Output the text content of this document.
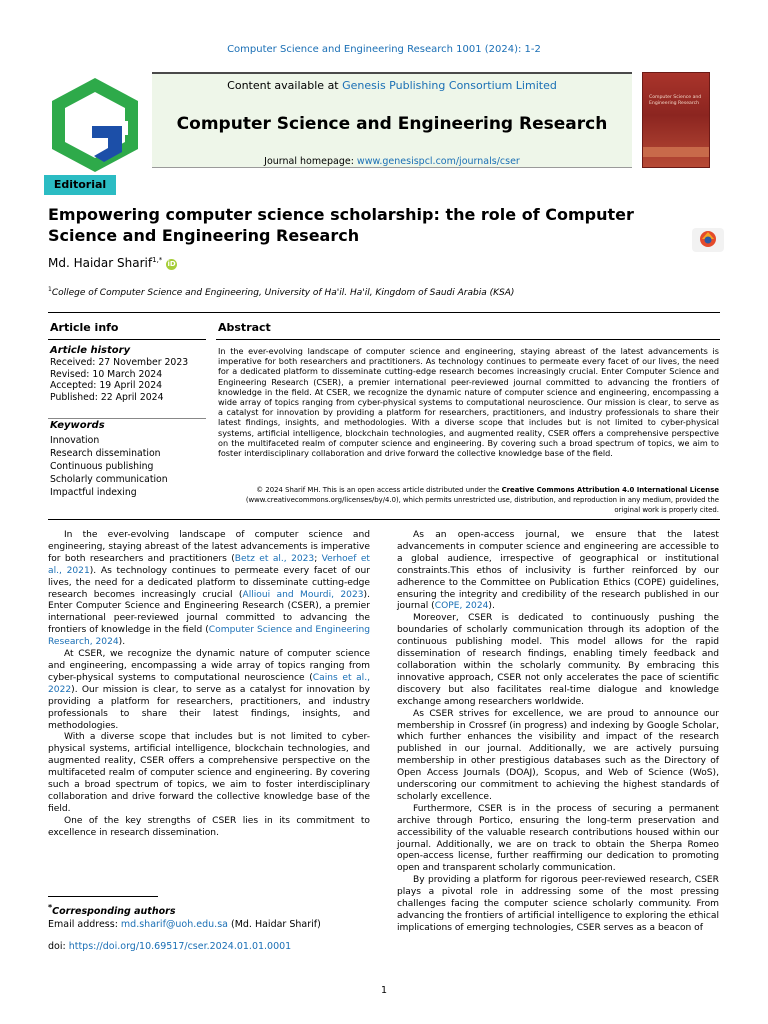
Computer Science and Engineering Research 1001 (2024): 1-2
Content available at Genesis Publishing Consortium Limited
Computer Science and Engineering Research
Journal homepage: www.genesispcl.com/journals/cser
Computer Science and Engineering Research
Editorial
Empowering computer science scholarship: the role of Computer Science and Engineering Research
Md. Haidar Sharif$^{1,*}$ iD
$^1$College of Computer Science and Engineering, University of Ha'il. Ha'il, Kingdom of Saudi Arabia (KSA)
Article info	Abstract
Article history
Received: 27 November 2023
Revised: 10 March 2024
Accepted: 19 April 2024
Published: 22 April 2024
Keywords
Innovation
Research dissemination
Continuous publishing
Scholarly communication
Impactful indexing
In the ever-evolving landscape of computer science and engineering, staying abreast of the latest advancements is imperative for both researchers and practitioners. As technology continues to permeate every facet of our lives, the need for a dedicated platform to disseminate cutting-edge research becomes increasingly crucial. Enter Computer Science and Engineering Research (CSER), a premier international peer-reviewed journal committed to advancing the frontiers of knowledge in the field. At CSER, we recognize the dynamic nature of computer science and engineering, encompassing a wide array of topics ranging from cyber-physical systems to computational neuroscience. Our mission is clear, to serve as a catalyst for innovation by providing a platform for researchers, practitioners, and industry professionals to share their latest findings, insights, and methodologies. With a diverse scope that includes but is not limited to cyber-physical systems, artificial intelligence, blockchain technologies, and augmented reality, CSER offers a comprehensive perspective on the multifaceted realm of computer science and engineering. By covering such a broad spectrum of topics, we aim to foster interdisciplinary collaboration and drive forward the collective knowledge base of the field.
© 2024 Sharif MH. This is an open access article distributed under the Creative Commons Attribution 4.0 International License
(www.creativecommons.org/licenses/by/4.0), which permits unrestricted use, distribution, and reproduction in any medium, provided the original work is properly cited.

In the ever-evolving landscape of computer science and engineering, staying abreast of the latest advancements is imperative for both researchers and practitioners (Betz et al., 2023; Verhoef et al., 2021). As technology continues to permeate every facet of our lives, the need for a dedicated platform to disseminate cutting-edge research becomes increasingly crucial (Allioui and Mourdi, 2023). Enter Computer Science and Engineering Research (CSER), a premier international peer-reviewed journal committed to advancing the frontiers of knowledge in the field (Computer Science and Engineering Research, 2024).

At CSER, we recognize the dynamic nature of computer science and engineering, encompassing a wide array of topics ranging from cyber-physical systems to computational neuroscience (Cains et al., 2022). Our mission is clear, to serve as a catalyst for innovation by providing a platform for researchers, practitioners, and industry professionals to share their latest findings, insights, and methodologies.

With a diverse scope that includes but is not limited to cyber-physical systems, artificial intelligence, blockchain technologies, and augmented reality, CSER offers a comprehensive perspective on the multifaceted realm of computer science and engineering. By covering such a broad spectrum of topics, we aim to foster interdisciplinary collaboration and drive forward the collective knowledge base of the field.

One of the key strengths of CSER lies in its commitment to excellence in research dissemination.

As an open-access journal, we ensure that the latest advancements in computer science and engineering are accessible to a global audience, irrespective of geographical or institutional constraints.This ethos of inclusivity is further reinforced by our adherence to the Committee on Publication Ethics (COPE) guidelines, ensuring the integrity and credibility of the research published in our journal (COPE, 2024).

Moreover, CSER is dedicated to continuously pushing the boundaries of scholarly communication through its adoption of the continuous publishing model. This model allows for the rapid dissemination of research findings, enabling timely feedback and collaboration within the scholarly community. By embracing this innovative approach, CSER not only accelerates the pace of scientific discovery but also facilitates real-time dialogue and knowledge exchange among researchers worldwide.

As CSER strives for excellence, we are proud to announce our membership in Crossref (in progress) and indexing by Google Scholar, which further enhances the visibility and impact of the research published in our journal. Additionally, we are actively pursuing membership in other prestigious databases such as the Directory of Open Access Journals (DOAJ), Scopus, and Web of Science (WoS), underscoring our commitment to achieving the highest standards of scholarly excellence.

Furthermore, CSER is in the process of securing a permanent archive through Portico, ensuring the long-term preservation and accessibility of the valuable research contributions housed within our journal. Additionally, we are on track to obtain the Sherpa Romeo open-access license, further reaffirming our dedication to promoting open and transparent scholarly communication.

By providing a platform for rigorous peer-reviewed research, CSER plays a pivotal role in addressing some of the most pressing challenges facing the computer science scholarly community. From advancing the frontiers of artificial intelligence to exploring the ethical implications of emerging technologies, CSER serves as a beacon of

*Corresponding authors
Email address: md.sharif@uoh.edu.sa (Md. Haidar Sharif)
doi: https://doi.org/10.69517/cser.2024.01.01.0001
1
